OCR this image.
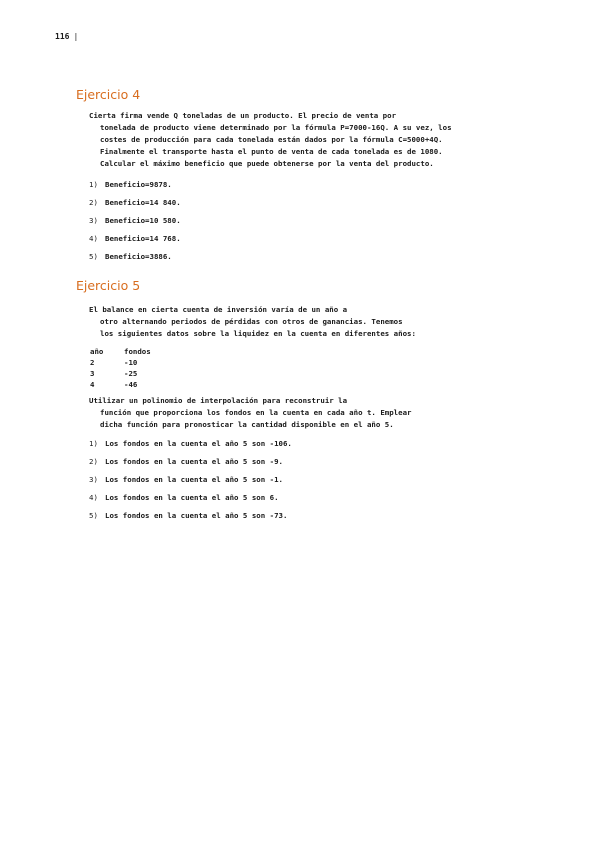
116 |
Ejercicio 4
Cierta firma vende Q toneladas de un producto. El precio de venta por
tonelada de producto viene determinado por la fórmula P=7000-16Q. A su vez, los
costes de producción para cada tonelada están dados por la fórmula C=5000+4Q.
Finalmente el transporte hasta el punto de venta de cada tonelada es de 1080.
Calcular el máximo beneficio que puede obtenerse por la venta del producto.
1) Beneficio=9878.
2) Beneficio=14 840.
3) Beneficio=10 580.
4) Beneficio=14 768.
5) Beneficio=3886.
Ejercicio 5
El balance en cierta cuenta de inversión varía de un año a
otro alternando periodos de pérdidas con otros de ganancias. Tenemos
los siguientes datos sobre la liquidez en la cuenta en diferentes años:
año	fondos
2	-10
3	-25
4	-46
Utilizar un polinomio de interpolación para reconstruir la
función que proporciona los fondos en la cuenta en cada año t. Emplear
dicha función para pronosticar la cantidad disponible en el año 5.
1) Los fondos en la cuenta el año 5 son -106.
2) Los fondos en la cuenta el año 5 son -9.
3) Los fondos en la cuenta el año 5 son -1.
4) Los fondos en la cuenta el año 5 son 6.
5) Los fondos en la cuenta el año 5 son -73.
